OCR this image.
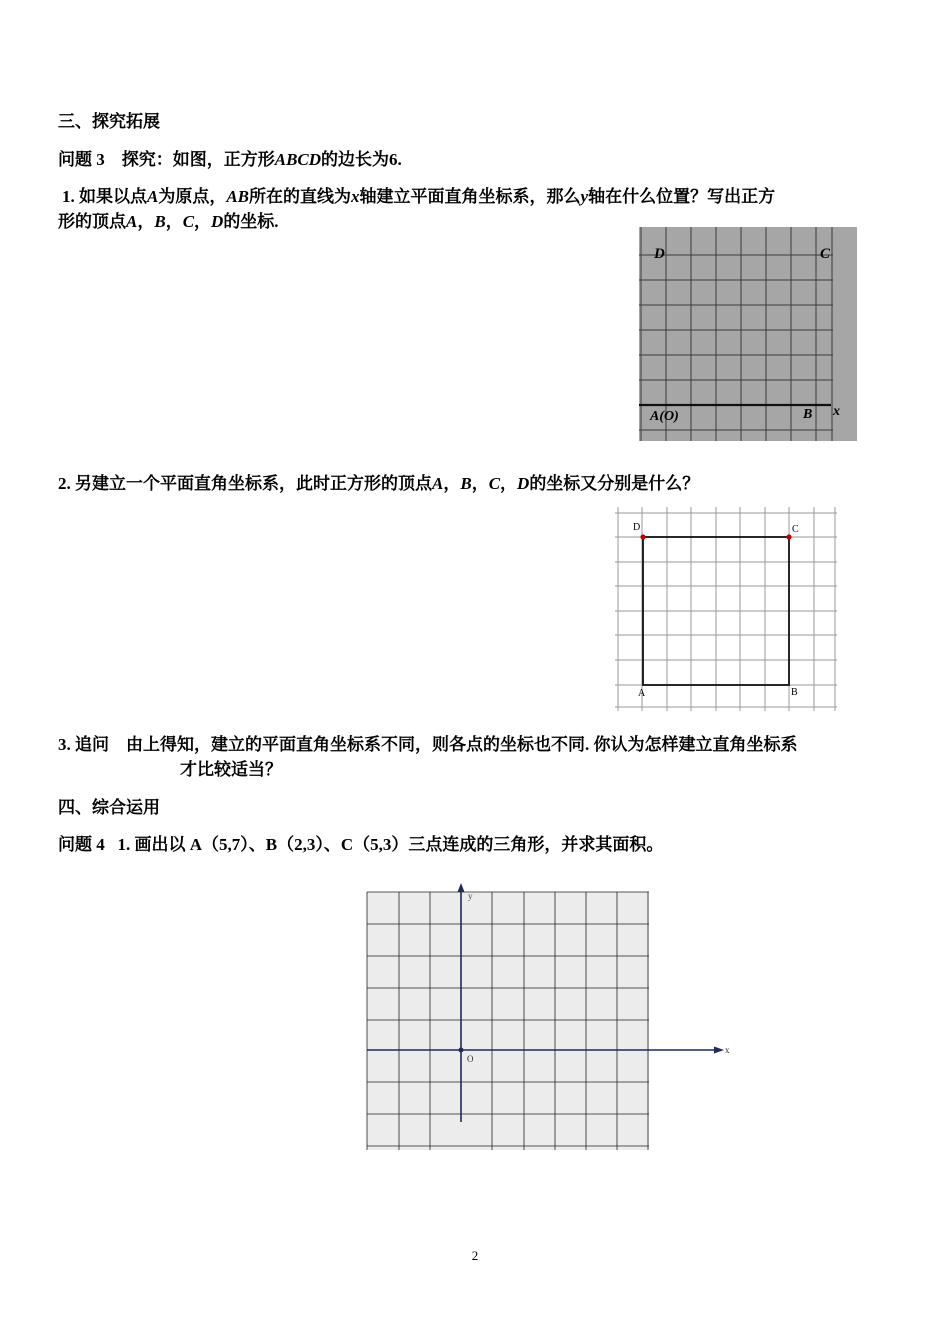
三、探究拓展
问题 3 探究：如图，正方形ABCD的边长为6.
1. 如果以点A为原点，AB所在的直线为x轴建立平面直角坐标系，那么y轴在什么位置？写出正方
形的顶点A，B，C，D的坐标.
D	C
A(O)	B x
2. 另建立一个平面直角坐标系，此时正方形的顶点A，B，C，D的坐标又分别是什么？
D	C
A	B
3. 追问 由上得知，建立的平面直角坐标系不同，则各点的坐标也不同. 你认为怎样建立直角坐标系
才比较适当？
四、综合运用
问题 4 1. 画出以 A（5,7）、B（2,3）、C（5,3）三点连成的三角形，并求其面积。
y
x
O
2
